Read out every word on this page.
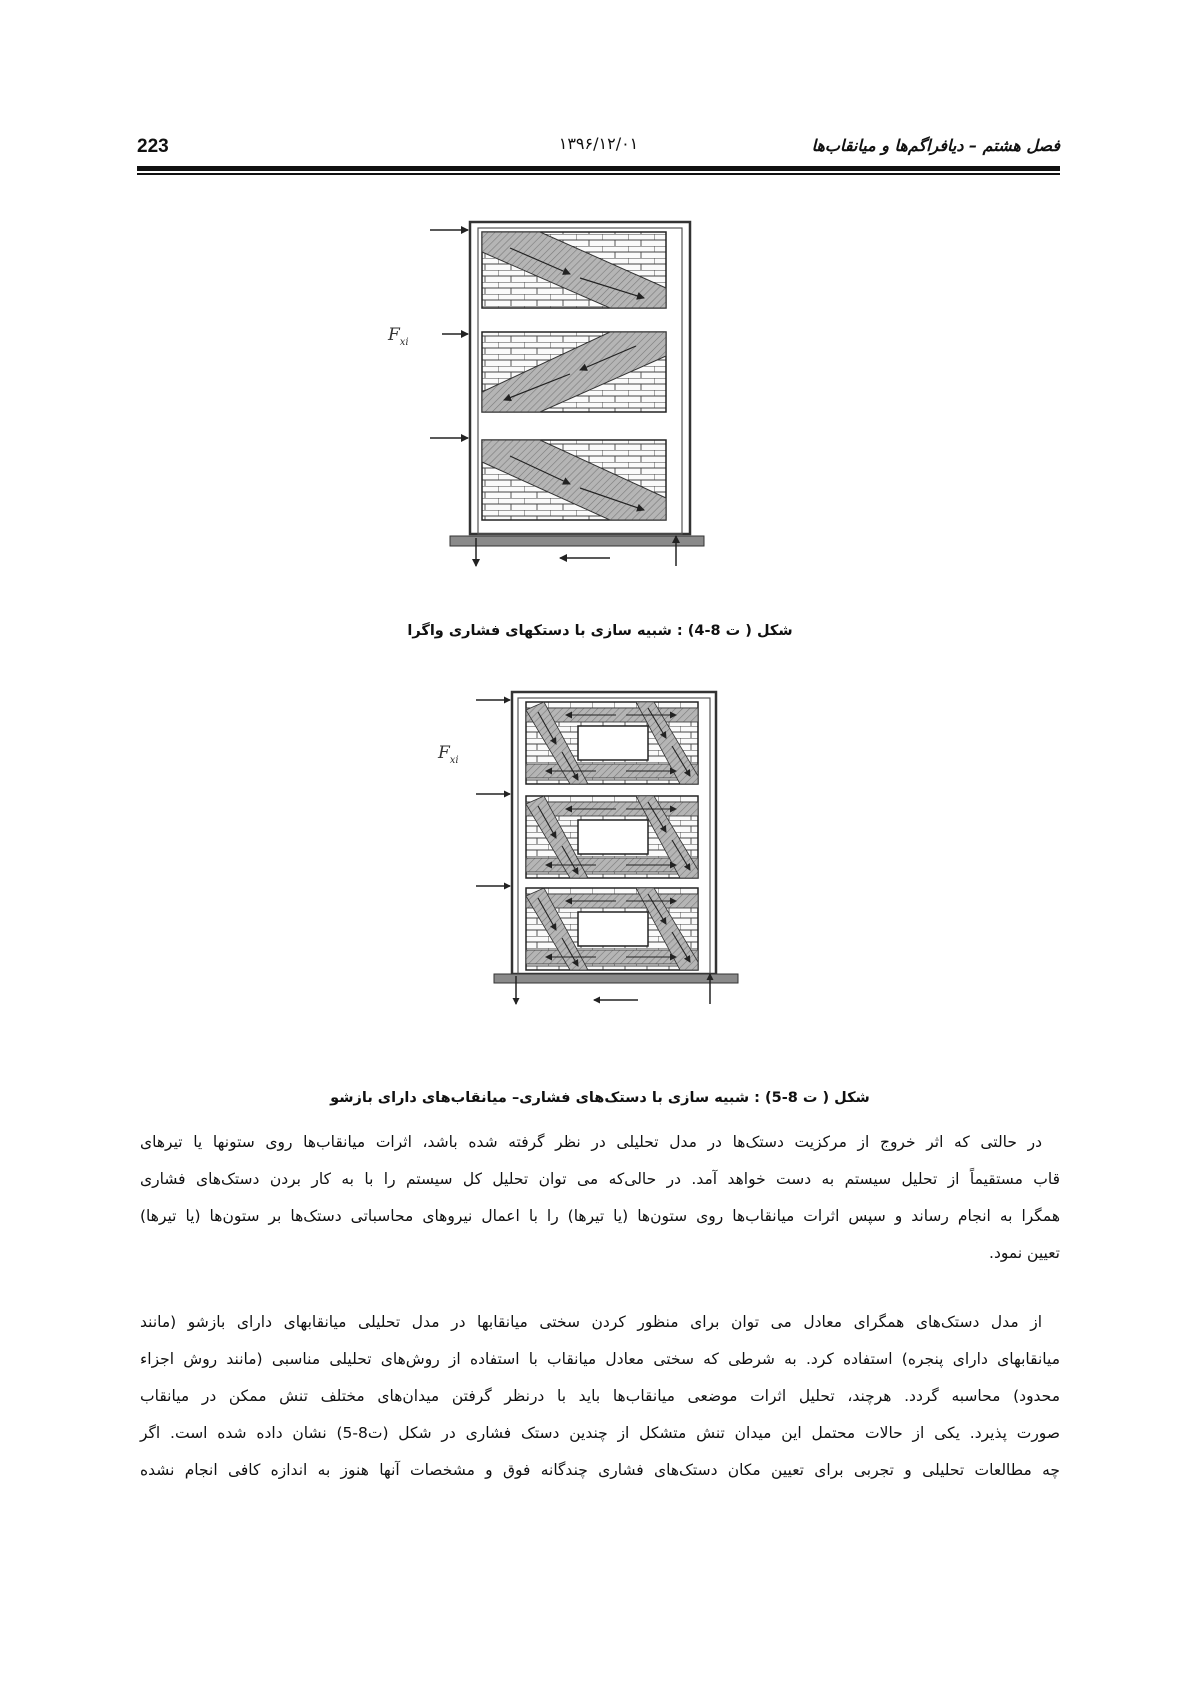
223	۱۳۹۶/۱۲/۰۱	فصل هشتم – دیافراگم‌ها و میانقاب‌ها
$F_{xi}$
شکل ( ت 8-4) : شبیه سازی با دستکهای فشاری واگرا
$F_{xi}$
شکل ( ت 8-5) : شبیه سازی با دستک‌های فشاری– میانقاب‌های دارای بازشو
در حالتی که اثر خروج از مرکزیت دستک‌ها در مدل تحلیلی در نظر گرفته شده باشد، اثرات میانقاب‌ها روی ستونها یا تیرهای
قاب مستقیماً از تحلیل سیستم به دست خواهد آمد. در حالی‌که می توان تحلیل کل سیستم را با به کار بردن دستک‌های فشاری
همگرا به انجام رساند و سپس اثرات میانقاب‌ها روی ستون‌ها (یا تیرها) را با اعمال نیروهای محاسباتی دستک‌ها بر ستون‌ها (یا تیرها)
تعیین نمود.
از مدل دستک‌های همگرای معادل می توان برای منظور کردن سختی میانقابها در مدل تحلیلی میانقابهای دارای بازشو (مانند
میانقابهای دارای پنجره) استفاده کرد. به شرطی که سختی معادل میانقاب با استفاده از روش‌های تحلیلی مناسبی (مانند روش اجزاء
محدود) محاسبه گردد. هرچند، تحلیل اثرات موضعی میانقاب‌ها باید با درنظر گرفتن میدان‌های مختلف تنش ممکن در میانقاب
صورت پذیرد. یکی از حالات محتمل این میدان تنش متشکل از چندین دستک فشاری در شکل (ت8-5) نشان داده شده است. اگر
چه مطالعات تحلیلی و تجربی برای تعیین مکان دستک‌های فشاری چندگانه فوق و مشخصات آنها هنوز به اندازه کافی انجام نشده
